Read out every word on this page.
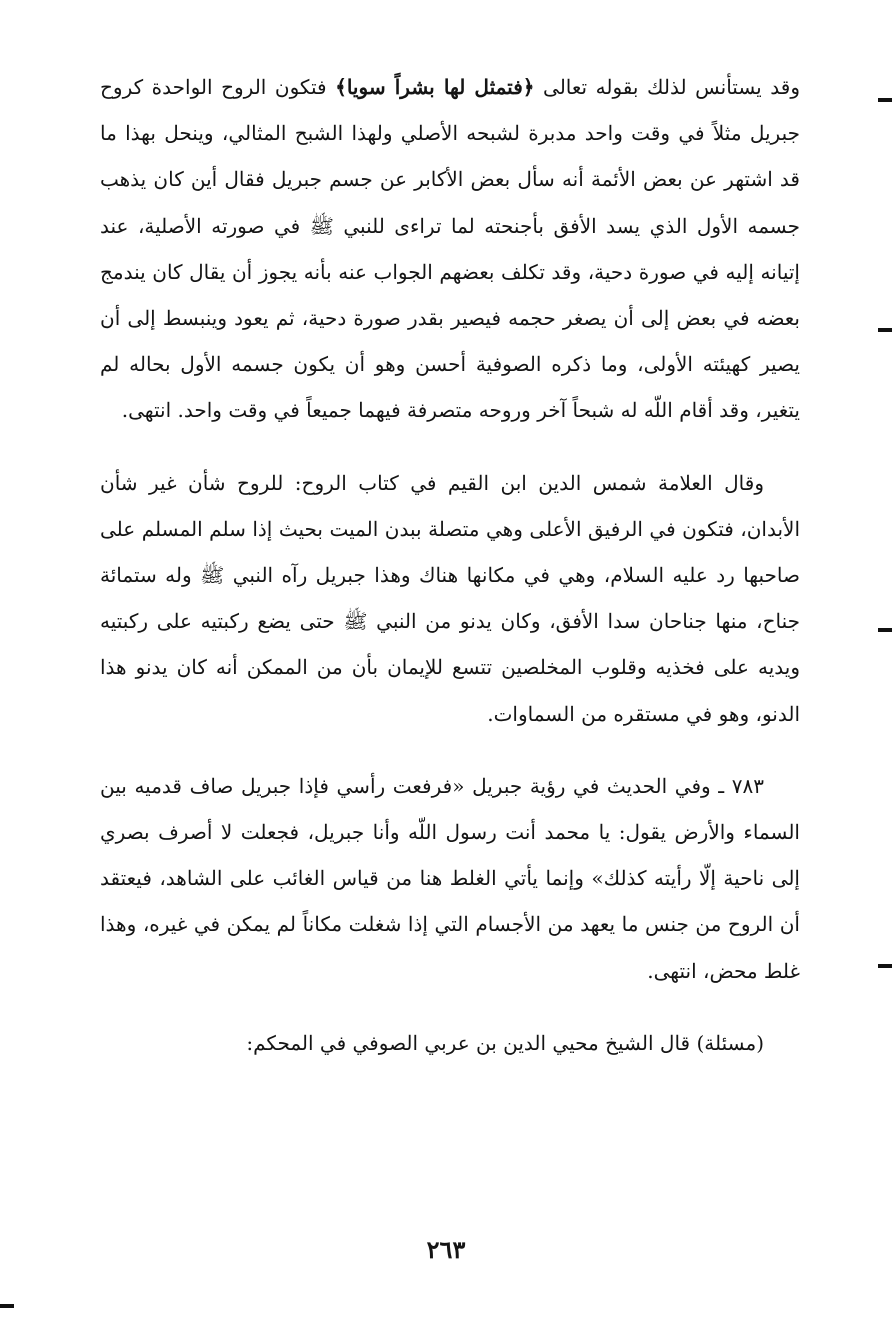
وقد يستأنس لذلك بقوله تعالى ﴿فتمثل لها بشراً سويا﴾ فتكون الروح الواحدة كروح جبريل مثلاً في وقت واحد مدبرة لشبحه الأصلي ولهذا الشبح المثالي، وينحل بهذا ما قد اشتهر عن بعض الأئمة أنه سأل بعض الأكابر عن جسم جبريل فقال أين كان يذهب جسمه الأول الذي يسد الأفق بأجنحته لما تراءى للنبي ﷺ في صورته الأصلية، عند إتيانه إليه في صورة دحية، وقد تكلف بعضهم الجواب عنه بأنه يجوز أن يقال كان يندمج بعضه في بعض إلى أن يصغر حجمه فيصير بقدر صورة دحية، ثم يعود وينبسط إلى أن يصير كهيئته الأولى، وما ذكره الصوفية أحسن وهو أن يكون جسمه الأول بحاله لم يتغير، وقد أقام اللّه له شبحاً آخر وروحه متصرفة فيهما جميعاً في وقت واحد. انتهى.

وقال العلامة شمس الدين ابن القيم في كتاب الروح: للروح شأن غير شأن الأبدان، فتكون في الرفيق الأعلى وهي متصلة ببدن الميت بحيث إذا سلم المسلم على صاحبها رد عليه السلام، وهي في مكانها هناك وهذا جبريل رآه النبي ﷺ وله ستمائة جناح، منها جناحان سدا الأفق، وكان يدنو من النبي ﷺ حتى يضع ركبتيه على ركبتيه ويديه على فخذيه وقلوب المخلصين تتسع للإيمان بأن من الممكن أنه كان يدنو هذا الدنو، وهو في مستقره من السماوات.

٧٨٣ ـ وفي الحديث في رؤية جبريل «فرفعت رأسي فإذا جبريل صاف قدميه بين السماء والأرض يقول: يا محمد أنت رسول اللّه وأنا جبريل، فجعلت لا أصرف بصري إلى ناحية إلّا رأيته كذلك» وإنما يأتي الغلط هنا من قياس الغائب على الشاهد، فيعتقد أن الروح من جنس ما يعهد من الأجسام التي إذا شغلت مكاناً لم يمكن في غيره، وهذا غلط محض، انتهى.

(مسئلة) قال الشيخ محيي الدين بن عربي الصوفي في المحكم:

٢٦٣
